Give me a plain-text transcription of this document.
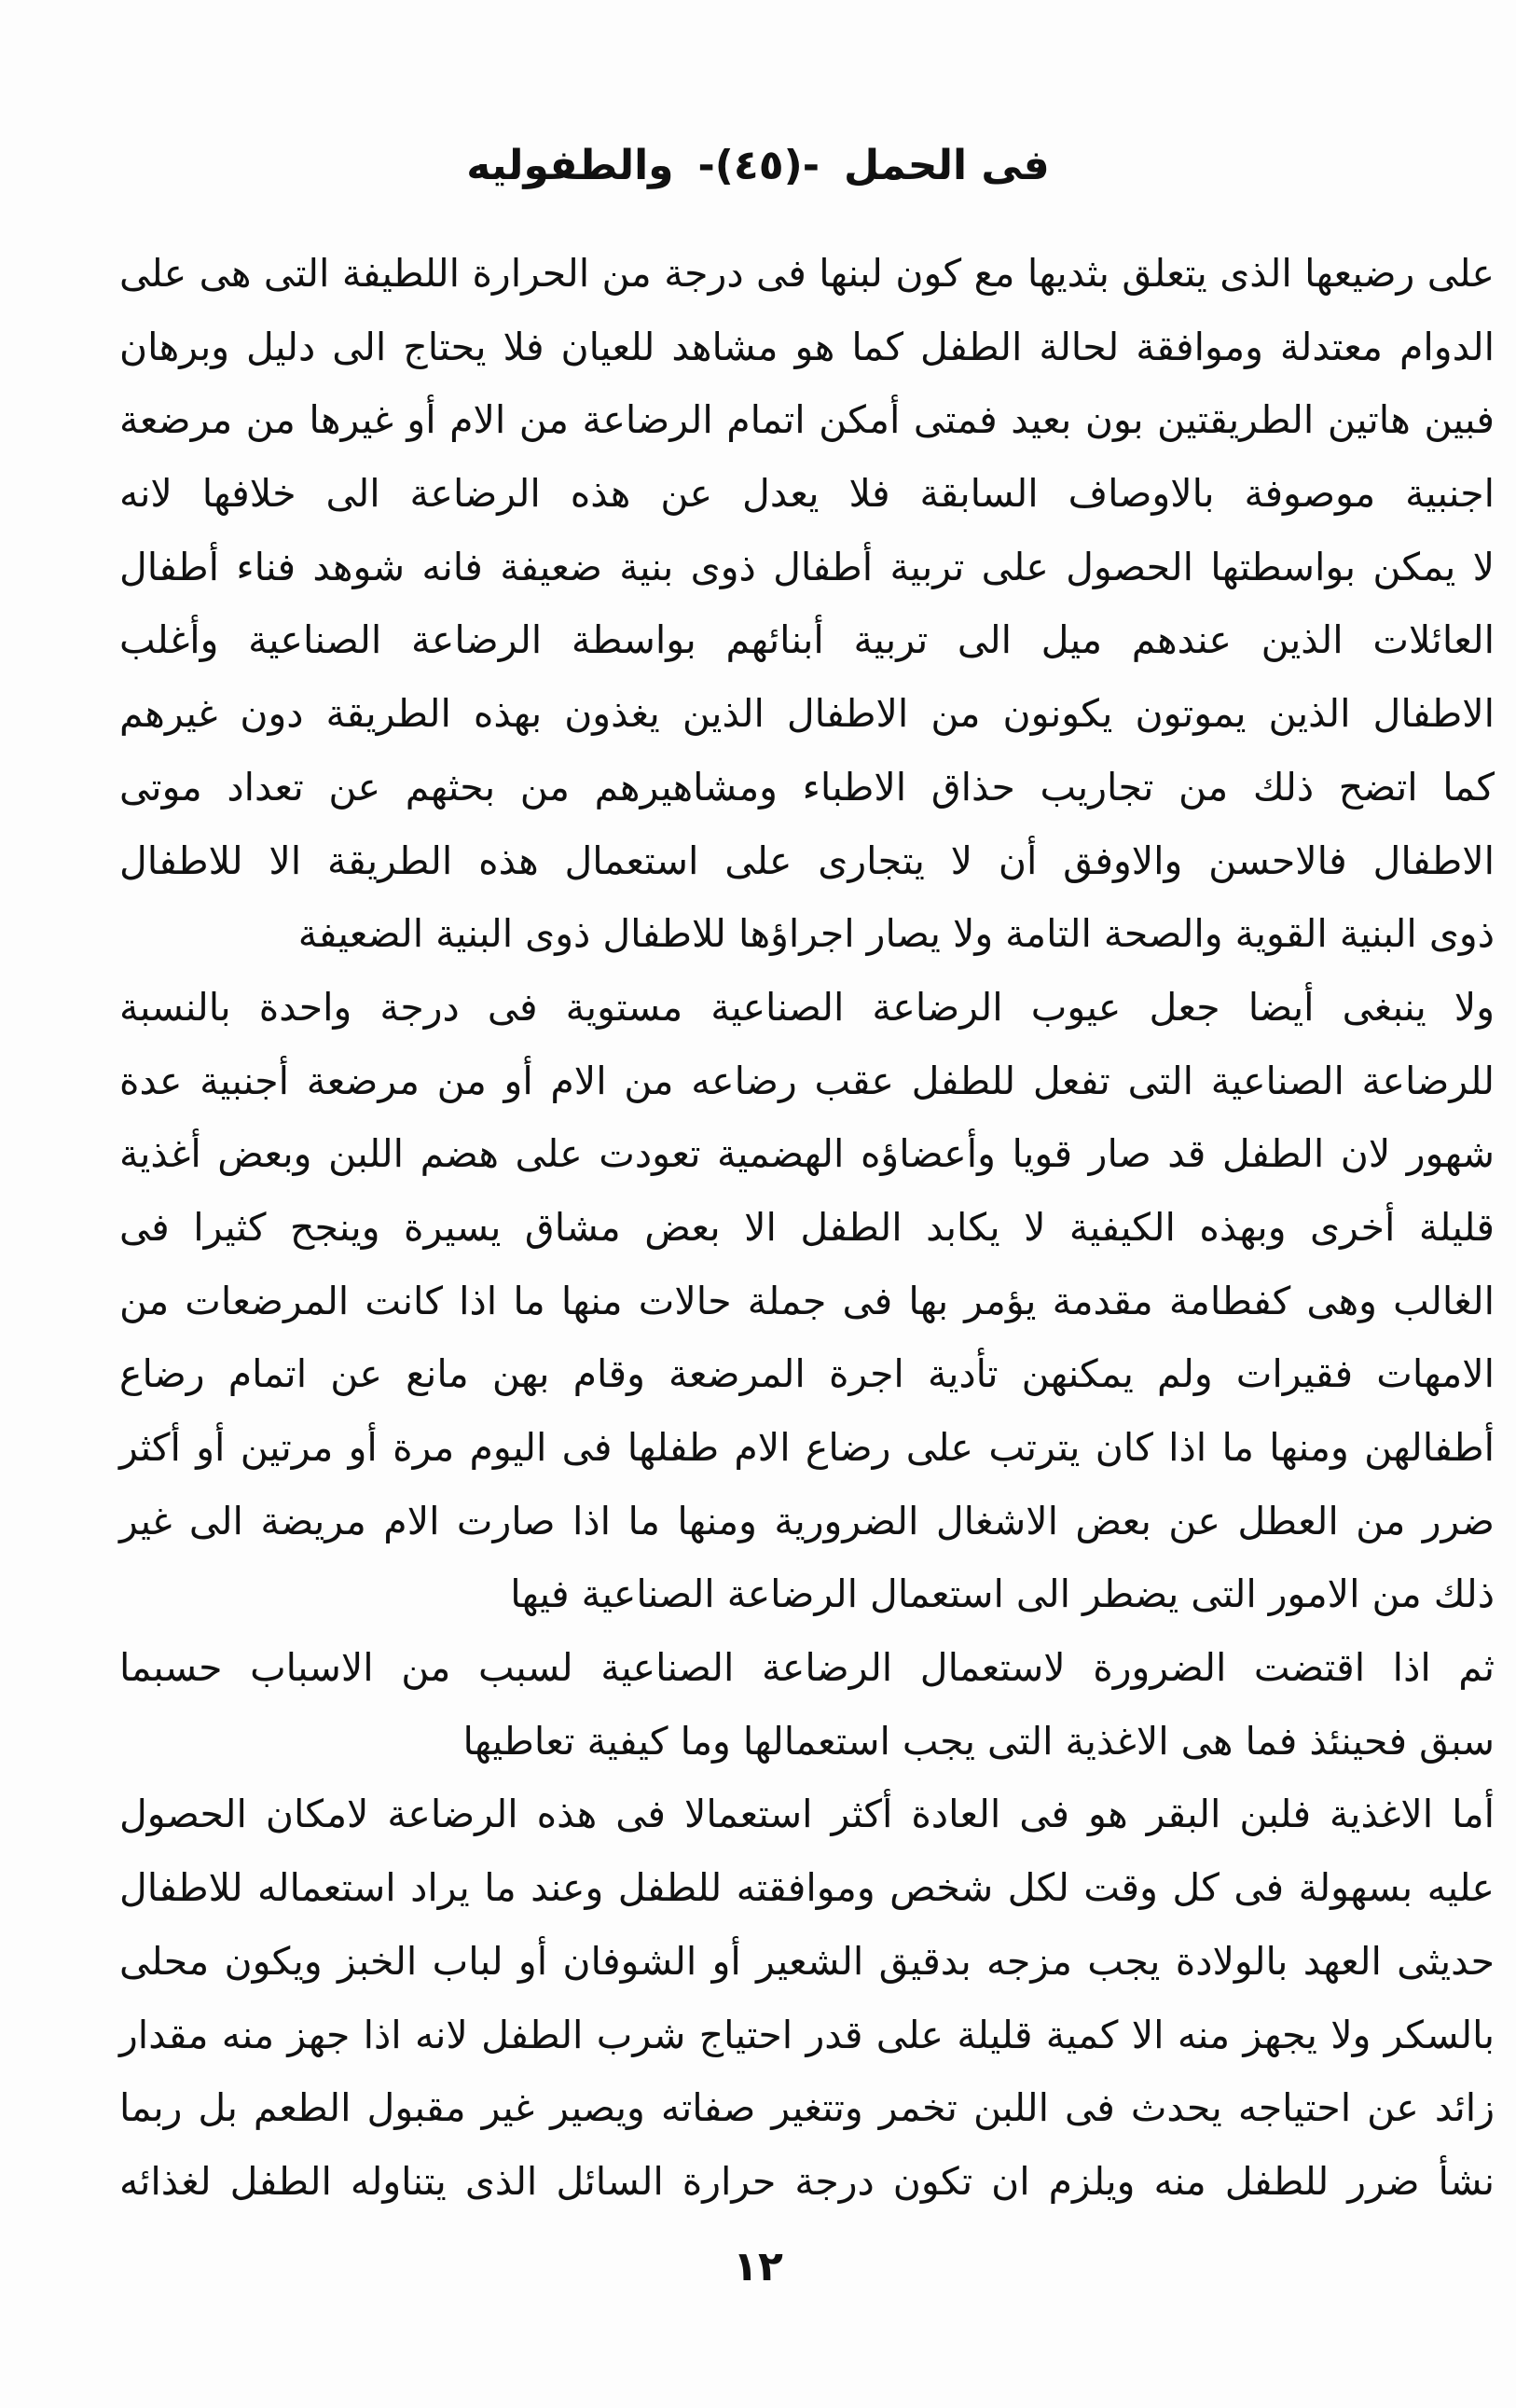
فى الحمل
-(٤٥)-
والطفوليه
على رضيعها الذى يتعلق بثديها مع كون لبنها فى درجة من الحرارة اللطيفة التى هى على
الدوام معتدلة وموافقة لحالة الطفل كما هو مشاهد للعيان فلا يحتاج الى دليل وبرهان
فبين هاتين الطريقتين بون بعيد فمتى أمكن اتمام الرضاعة من الام أو غيرها من مرضعة
اجنبية موصوفة بالاوصاف السابقة فلا يعدل عن هذه الرضاعة الى خلافها لانه
لا يمكن بواسطتها الحصول على تربية أطفال ذوى بنية ضعيفة فانه شوهد فناء أطفال
العائلات الذين عندهم ميل الى تربية أبنائهم بواسطة الرضاعة الصناعية وأغلب
الاطفال الذين يموتون يكونون من الاطفال الذين يغذون بهذه الطريقة دون غيرهم
كما اتضح ذلك من تجاريب حذاق الاطباء ومشاهيرهم من بحثهم عن تعداد موتى
الاطفال فالاحسن والاوفق أن لا يتجارى على استعمال هذه الطريقة الا للاطفال
ذوى البنية القوية والصحة التامة ولا يصار اجراؤها للاطفال ذوى البنية الضعيفة
ولا ينبغى أيضا جعل عيوب الرضاعة الصناعية مستوية فى درجة واحدة بالنسبة
للرضاعة الصناعية التى تفعل للطفل عقب رضاعه من الام أو من مرضعة أجنبية عدة
شهور لان الطفل قد صار قويا وأعضاؤه الهضمية تعودت على هضم اللبن وبعض أغذية
قليلة أخرى وبهذه الكيفية لا يكابد الطفل الا بعض مشاق يسيرة وينجح كثيرا فى
الغالب وهى كفطامة مقدمة يؤمر بها فى جملة حالات منها ما اذا كانت المرضعات من
الامهات فقيرات ولم يمكنهن تأدية اجرة المرضعة وقام بهن مانع عن اتمام رضاع
أطفالهن ومنها ما اذا كان يترتب على رضاع الام طفلها فى اليوم مرة أو مرتين أو أكثر
ضرر من العطل عن بعض الاشغال الضرورية ومنها ما اذا صارت الام مريضة الى غير
ذلك من الامور التى يضطر الى استعمال الرضاعة الصناعية فيها
ثم اذا اقتضت الضرورة لاستعمال الرضاعة الصناعية لسبب من الاسباب حسبما
سبق فحينئذ فما هى الاغذية التى يجب استعمالها وما كيفية تعاطيها
أما الاغذية فلبن البقر هو فى العادة أكثر استعمالا فى هذه الرضاعة لامكان الحصول
عليه بسهولة فى كل وقت لكل شخص وموافقته للطفل وعند ما يراد استعماله للاطفال
حديثى العهد بالولادة يجب مزجه بدقيق الشعير أو الشوفان أو لباب الخبز ويكون محلى
بالسكر ولا يجهز منه الا كمية قليلة على قدر احتياج شرب الطفل لانه اذا جهز منه مقدار
زائد عن احتياجه يحدث فى اللبن تخمر وتتغير صفاته ويصير غير مقبول الطعم بل ربما
نشأ ضرر للطفل منه ويلزم ان تكون درجة حرارة السائل الذى يتناوله الطفل لغذائه
١٢
